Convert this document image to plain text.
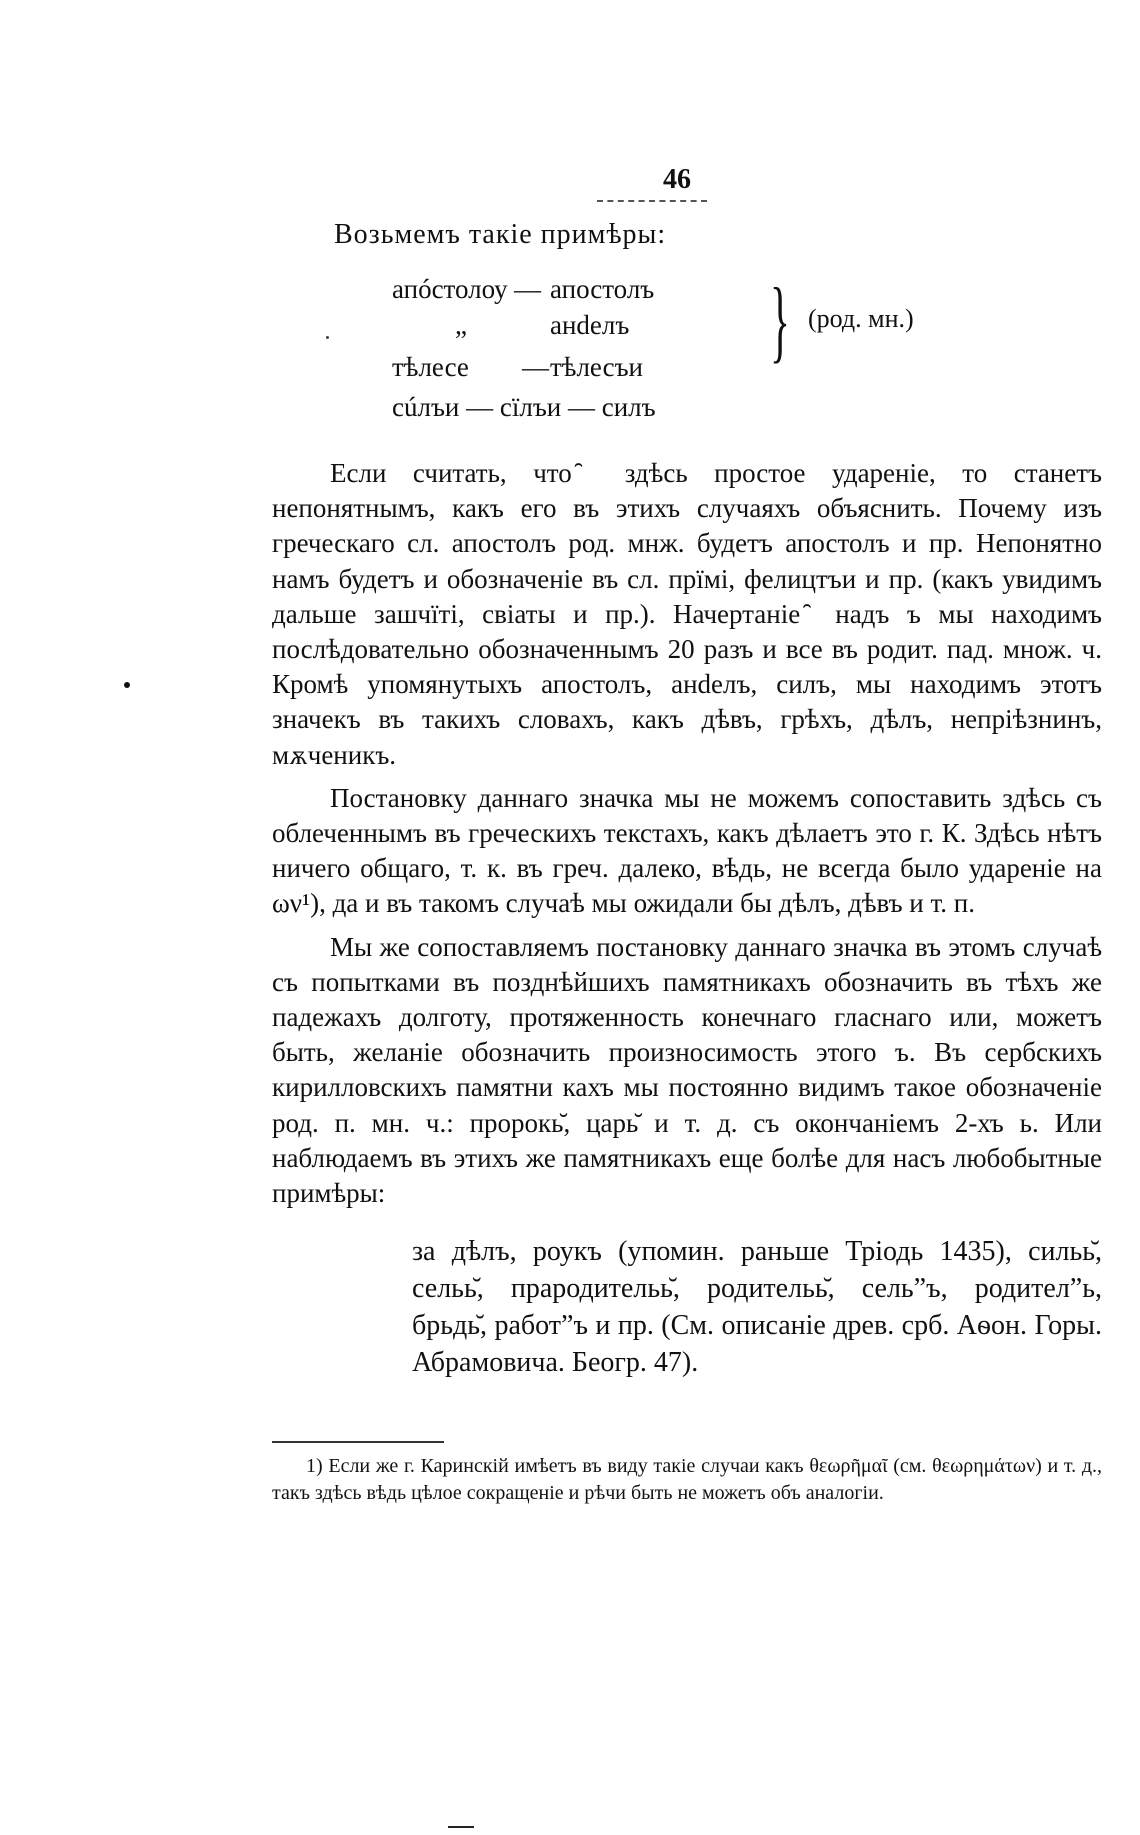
46
Возьмемъ такіе примѣры:
апóстолоу — апостолъ
„	анdелъ
тѣлесе — тѣлесъи
сúлъи — сїлъи — силъ
} (род. мн.)

Если считать, что ̑ здѣсь простое удареніе, то станетъ непонятнымъ, какъ его въ этихъ случаяхъ объяснить. Почему изъ греческаго сл. апостолъ род. мнж. будетъ апостолъ и пр. Непонятно намъ будетъ и обозначеніе въ сл. прїмі, фелицтъи и пр. (какъ увидимъ дальше зашчїті, свіаты и пр.). Начертаніе ̑ надъ ъ мы находимъ послѣдовательно обозначеннымъ 20 разъ и все въ родит. пад. множ. ч. Кромѣ упомянутыхъ апостолъ, анdелъ, силъ, мы находимъ этотъ значекъ въ такихъ словахъ, какъ дѣвъ, грѣхъ, дѣлъ, непріѣзнинъ, мѫченикъ.

Постановку даннаго значка мы не можемъ сопоставить здѣсь съ облеченнымъ въ греческихъ текстахъ, какъ дѣлаетъ это г. К. Здѣсь нѣтъ ничего общаго, т. к. въ греч. далеко, вѣдь, не всегда было удареніе на ων¹), да и въ такомъ случаѣ мы ожидали бы дѣлъ, дѣвъ и т. п.

Мы же сопоставляемъ постановку даннаго значка въ этомъ случаѣ съ попытками въ позднѣйшихъ памятникахъ обозначить въ тѣхъ же падежахъ долготу, протяженность конечнаго гласнаго или, можетъ быть, желаніе обозначить произносимость этого ъ. Въ сербскихъ кирилловскихъ памятни кахъ мы постоянно видимъ такое обозначеніе род. п. мн. ч.: пророкь̆, царь̆ и т. д. съ окончаніемъ 2-хъ ь. Или наблюдаемъ въ этихъ же памятникахъ еще болѣе для насъ любобытные примѣры:

за дѣлъ, роукъ (упомин. раньше Тріодь 1435), сильь̆, сельь̆, прародительь̆, родительь̆, сель”ъ, родител”ь, брьдь̆, работ”ъ и пр. (См. описаніе древ. срб. Аѳон. Горы. Абрамовича. Беогр. 47).
1) Если же г. Каринскій имѣетъ въ виду такіе случаи какъ θεωρῆμαῖ (см. θεωρημάτων) и т. д., такъ здѣсь вѣдь цѣлое сокращеніе и рѣчи быть не можетъ объ аналогіи.
